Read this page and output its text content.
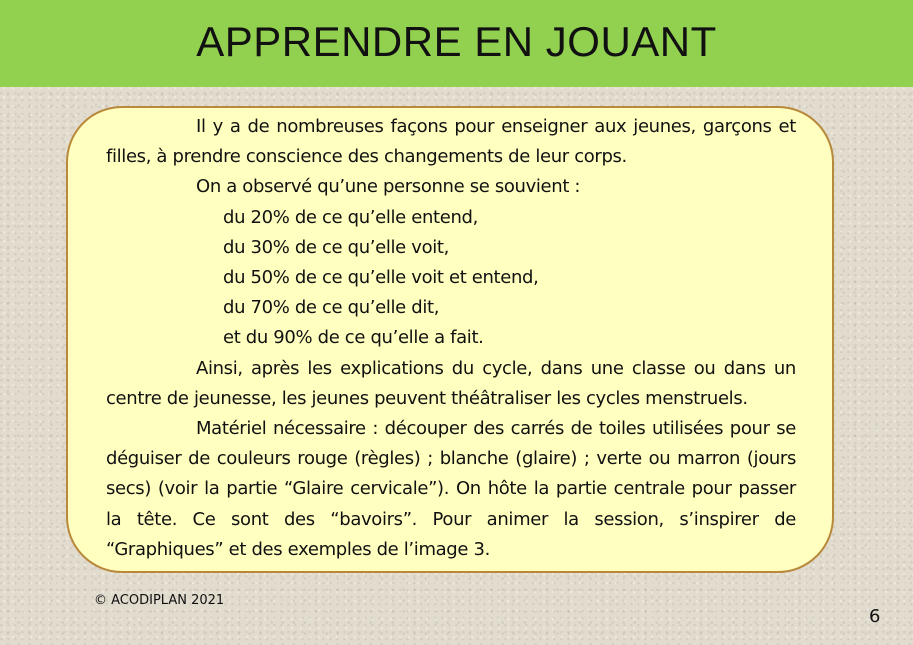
APPRENDRE EN JOUANT

Il y a de nombreuses façons pour enseigner aux jeunes, garçons et filles, à prendre conscience des changements de leur corps.

On a observé qu’une personne se souvient :

du 20% de ce qu’elle entend,

du 30% de ce qu’elle voit,

du 50% de ce qu’elle voit et entend,

du 70% de ce qu’elle dit,

et du 90% de ce qu’elle a fait.

Ainsi, après les explications du cycle, dans une classe ou dans un centre de jeunesse, les jeunes peuvent théâtraliser les cycles menstruels.

Matériel nécessaire : découper des carrés de toiles utilisées pour se déguiser de couleurs rouge (règles) ; blanche (glaire) ; verte ou marron (jours secs) (voir la partie “Glaire cervicale”). On hôte la partie centrale pour passer la tête. Ce sont des “bavoirs”. Pour animer la session, s’inspirer de “Graphiques” et des exemples de l’image 3.

© ACODIPLAN 2021
6
